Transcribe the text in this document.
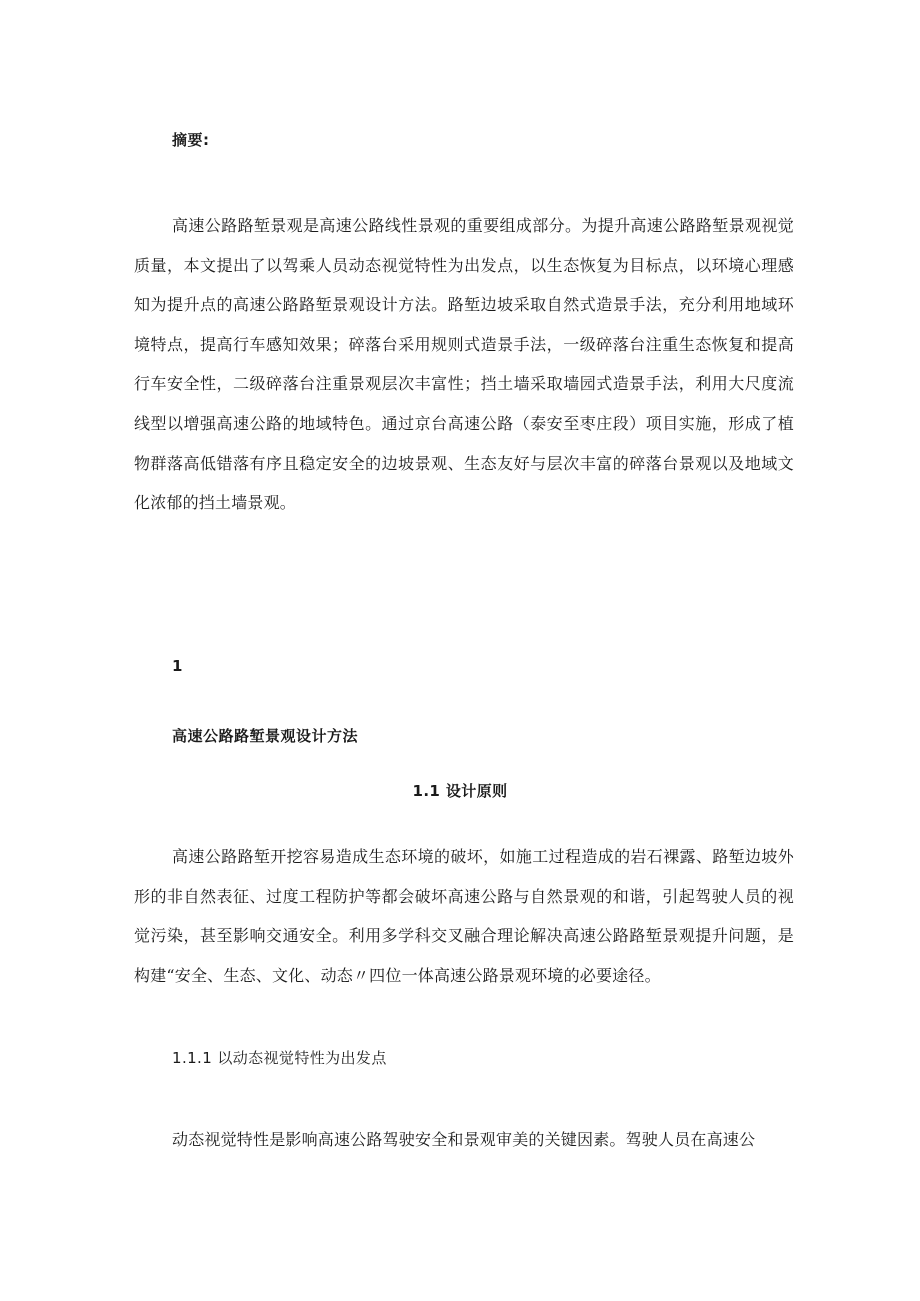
摘要:

高速公路路堑景观是高速公路线性景观的重要组成部分。为提升高速公路路堑景观视觉质量，本文提出了以驾乘人员动态视觉特性为出发点，以生态恢复为目标点，以环境心理感知为提升点的高速公路路堑景观设计方法。路堑边坡采取自然式造景手法，充分利用地域环境特点，提高行车感知效果；碎落台采用规则式造景手法，一级碎落台注重生态恢复和提高行车安全性，二级碎落台注重景观层次丰富性；挡土墙采取墙园式造景手法，利用大尺度流线型以增强高速公路的地域特色。通过京台高速公路（泰安至枣庄段）项目实施，形成了植物群落高低错落有序且稳定安全的边坡景观、生态友好与层次丰富的碎落台景观以及地域文化浓郁的挡土墙景观。

1

高速公路路堑景观设计方法

1.1 设计原则

高速公路路堑开挖容易造成生态环境的破坏，如施工过程造成的岩石裸露、路堑边坡外形的非自然表征、过度工程防护等都会破坏高速公路与自然景观的和谐，引起驾驶人员的视觉污染，甚至影响交通安全。利用多学科交叉融合理论解决高速公路路堑景观提升问题，是构建“安全、生态、文化、动态〃四位一体高速公路景观环境的必要途径。

1.1.1 以动态视觉特性为出发点

动态视觉特性是影响高速公路驾驶安全和景观审美的关键因素。驾驶人员在高速公
